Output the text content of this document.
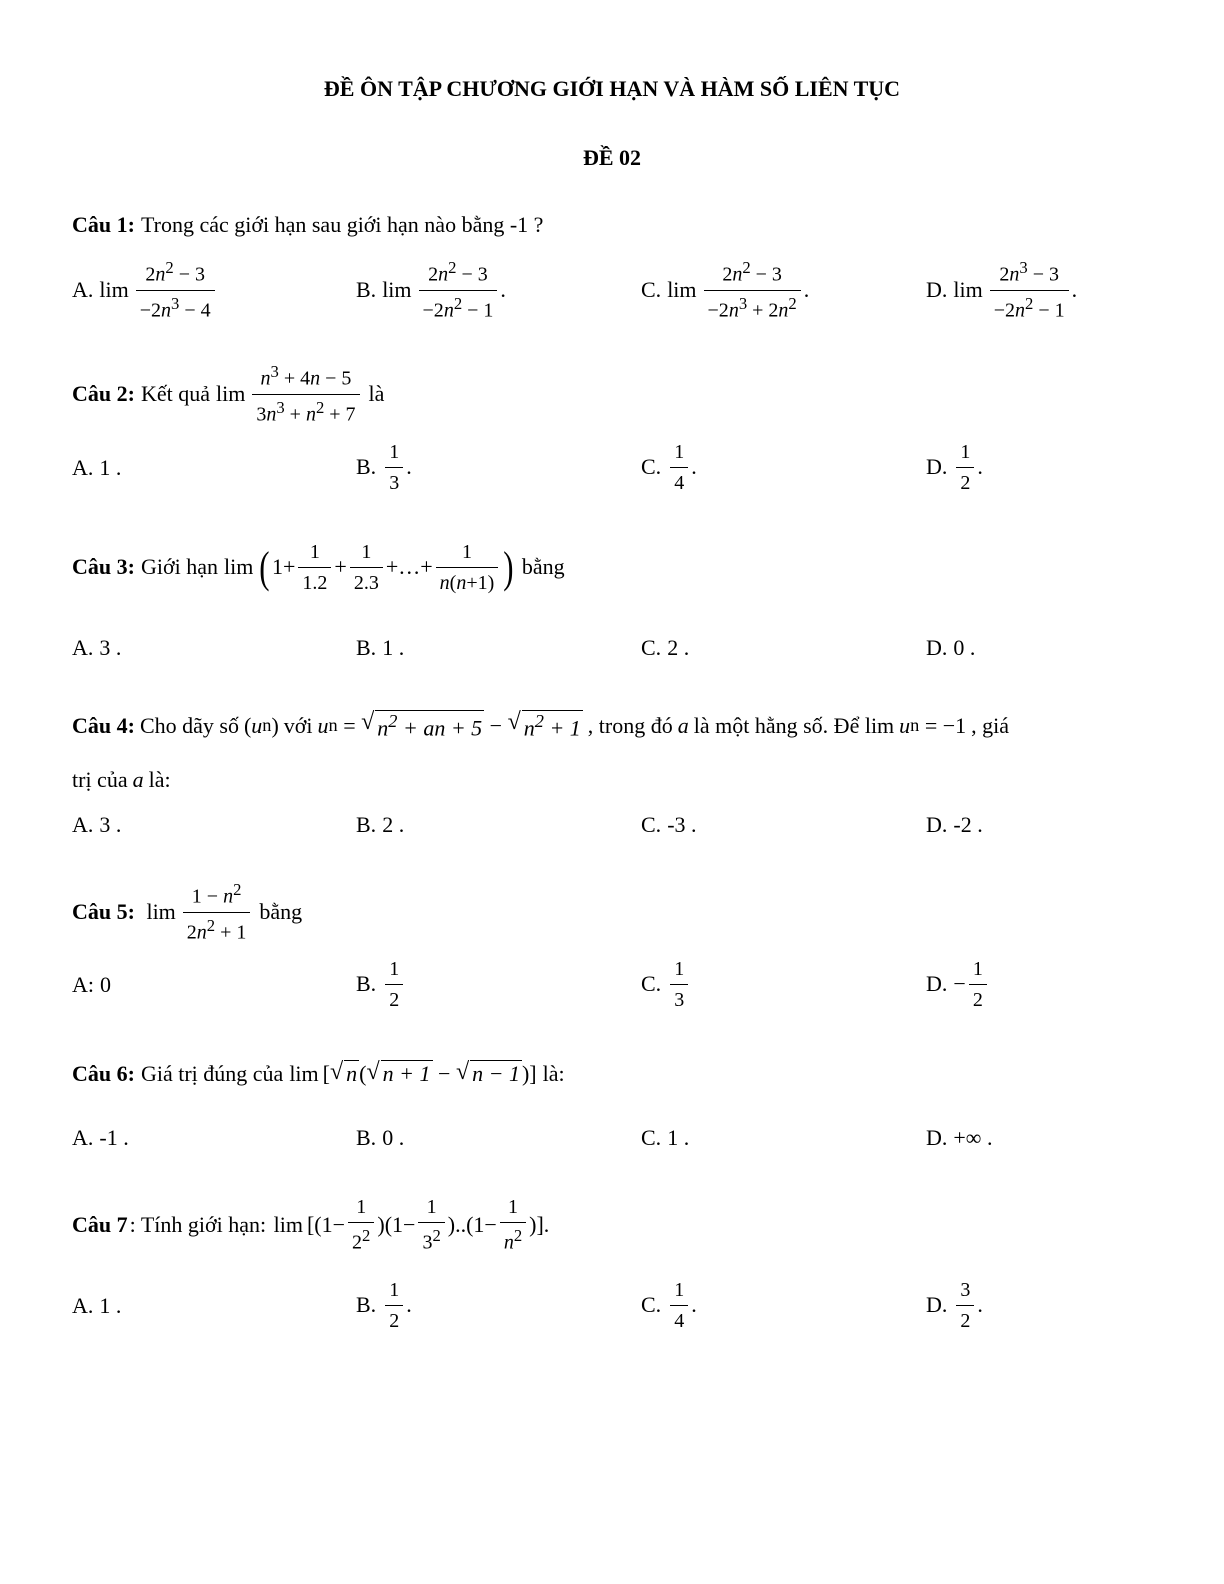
ĐỀ ÔN TẬP CHƯƠNG GIỚI HẠN VÀ HÀM SỐ LIÊN TỤC
ĐỀ 02
Câu 1: Trong các giới hạn sau giới hạn nào bằng -1 ?
A. $\lim \frac{2n^2 - 3}{-2n^3 - 4}$	B. $\lim \frac{2n^2 - 3}{-2n^2 - 1}$ .	C. $\lim \frac{2n^2 - 3}{-2n^3 + 2n^2}$ .	D. $\lim \frac{2n^3 - 3}{-2n^2 - 1}$ .
Câu 2: Kết quả $\lim \frac{n^3 + 4n - 5}{3n^3 + n^2 + 7}$ là
A. 1 .	B. $\frac{1}{3}$ .	C. $\frac{1}{4}$ .	D. $\frac{1}{2}$ .
Câu 3: Giới hạn lim ( $1+ \frac{1}{1.2} + \frac{1}{2.3}$ +…+ $\frac{1}{n(n+1)}$ ) bằng
A. 3 .	B. 1 .	C. 2 .	D. 0 .
Câu 4: Cho dãy số ( u n ) với u n = √ $n^2$ + an + 5 − √ $n^2 + 1$ , trong đó a là một hằng số. Để lim u n = −1 , giá
trị của a là:
A. 3 .	B. 2 .	C. -3 .	D. -2 .
Câu 5:
$\lim \frac{1 - n^2}{2n^2 + 1}$ bằng
A: 0	B. $\frac{1}{2}$	C. $\frac{1}{3}$	D. − $\frac{1}{2}$
Câu 6: Giá trị đúng của lim [ √ n ( √ n + 1 − √ n − 1 )] là:
A. -1 .	B. 0 .	C. 1 .	D. +∞ .
Câu 7 : Tính giới hạn:
$\lim [(1- \frac{1}{2^2} )(1- \frac{1}{3^2} )..(1- \frac{1}{n^2}$ )].
A. 1 .	B. $\frac{1}{2}$ .	C. $\frac{1}{4}$ .	D. $\frac{3}{2}$ .
